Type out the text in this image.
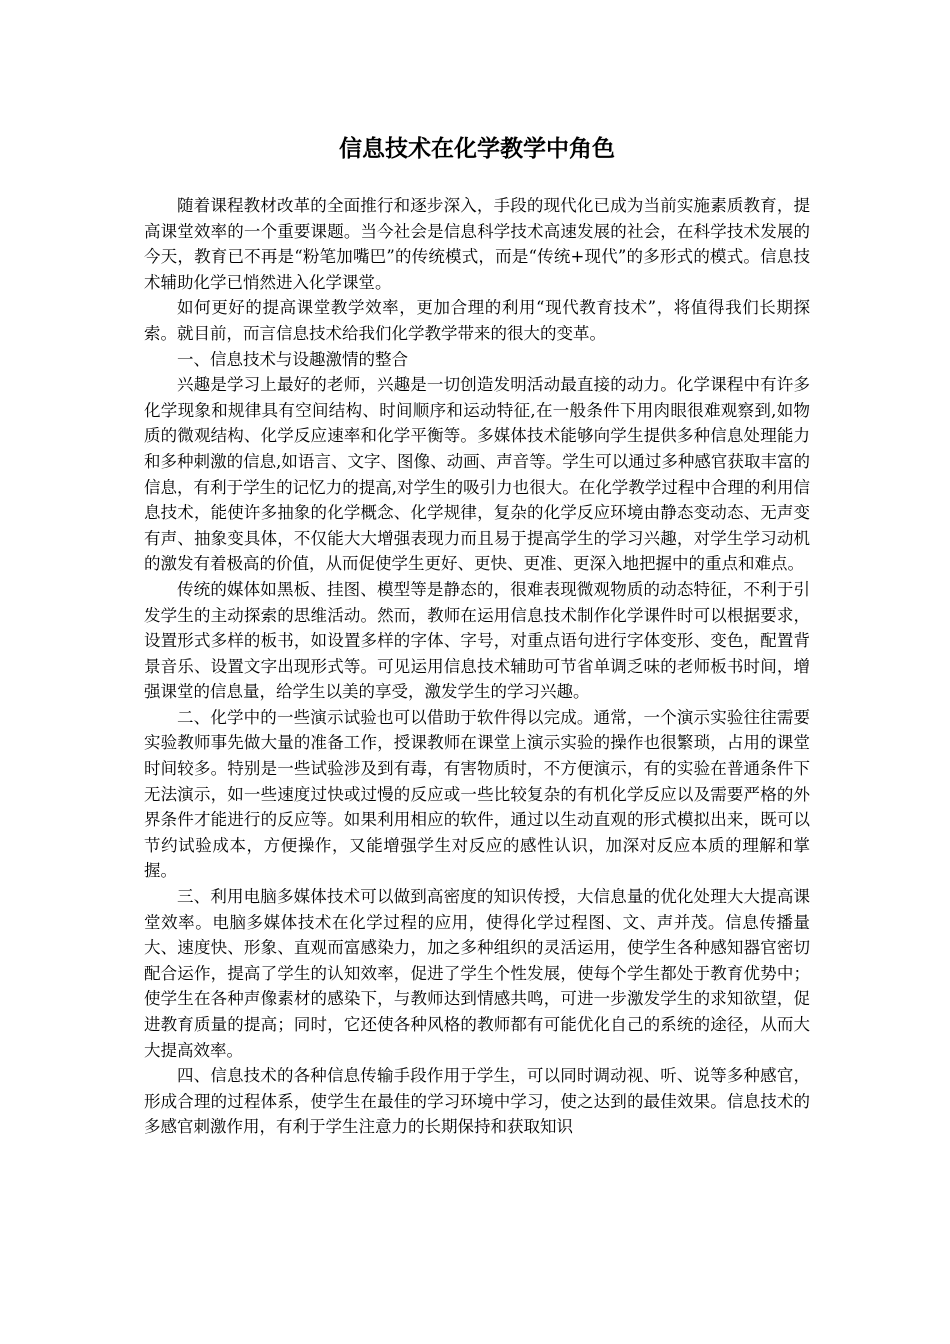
信息技术在化学教学中角色

随着课程教材改革的全面推行和逐步深入，手段的现代化已成为当前实施素质教育，提高课堂效率的一个重要课题。当今社会是信息科学技术高速发展的社会，在科学技术发展的今天，教育已不再是“粉笔加嘴巴”的传统模式，而是“传统+现代”的多形式的模式。信息技术辅助化学已悄然进入化学课堂。

如何更好的提高课堂教学效率，更加合理的利用“现代教育技术”，将值得我们长期探索。就目前，而言信息技术给我们化学教学带来的很大的变革。

一、信息技术与设趣激情的整合

兴趣是学习上最好的老师，兴趣是一切创造发明活动最直接的动力。化学课程中有许多化学现象和规律具有空间结构、时间顺序和运动特征,在一般条件下用肉眼很难观察到,如物质的微观结构、化学反应速率和化学平衡等。多媒体技术能够向学生提供多种信息处理能力和多种刺激的信息,如语言、文字、图像、动画、声音等。学生可以通过多种感官获取丰富的信息，有利于学生的记忆力的提高,对学生的吸引力也很大。在化学教学过程中合理的利用信息技术，能使许多抽象的化学概念、化学规律，复杂的化学反应环境由静态变动态、无声变有声、抽象变具体，不仅能大大增强表现力而且易于提高学生的学习兴趣，对学生学习动机的激发有着极高的价值，从而促使学生更好、更快、更准、更深入地把握中的重点和难点。

传统的媒体如黑板、挂图、模型等是静态的，很难表现微观物质的动态特征，不利于引发学生的主动探索的思维活动。然而，教师在运用信息技术制作化学课件时可以根据要求，设置形式多样的板书，如设置多样的字体、字号，对重点语句进行字体变形、变色，配置背景音乐、设置文字出现形式等。可见运用信息技术辅助可节省单调乏味的老师板书时间，增强课堂的信息量，给学生以美的享受，激发学生的学习兴趣。

二、化学中的一些演示试验也可以借助于软件得以完成。通常，一个演示实验往往需要实验教师事先做大量的准备工作，授课教师在课堂上演示实验的操作也很繁琐，占用的课堂时间较多。特别是一些试验涉及到有毒，有害物质时，不方便演示，有的实验在普通条件下无法演示，如一些速度过快或过慢的反应或一些比较复杂的有机化学反应以及需要严格的外界条件才能进行的反应等。如果利用相应的软件，通过以生动直观的形式模拟出来，既可以节约试验成本，方便操作，又能增强学生对反应的感性认识，加深对反应本质的理解和掌握。

三、利用电脑多媒体技术可以做到高密度的知识传授，大信息量的优化处理大大提高课堂效率。电脑多媒体技术在化学过程的应用，使得化学过程图、文、声并茂。信息传播量大、速度快、形象、直观而富感染力，加之多种组织的灵活运用，使学生各种感知器官密切配合运作，提高了学生的认知效率，促进了学生个性发展，使每个学生都处于教育优势中；使学生在各种声像素材的感染下，与教师达到情感共鸣，可进一步激发学生的求知欲望，促进教育质量的提高；同时，它还使各种风格的教师都有可能优化自己的系统的途径，从而大大提高效率。

四、信息技术的各种信息传输手段作用于学生，可以同时调动视、听、说等多种感官，形成合理的过程体系，使学生在最佳的学习环境中学习，使之达到的最佳效果。信息技术的多感官刺激作用，有利于学生注意力的长期保持和获取知识
